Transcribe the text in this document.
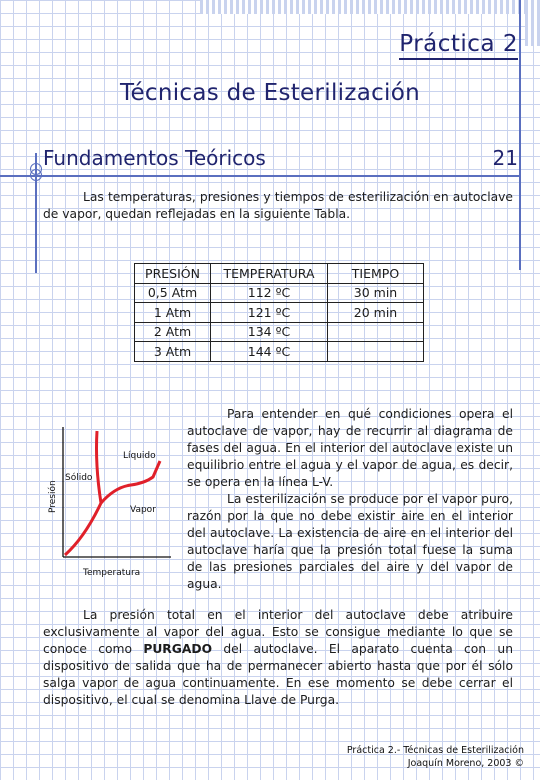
Práctica 2
Técnicas de Esterilización
Fundamentos Teóricos	21

Las temperaturas, presiones y tiempos de esterilización en autoclave de vapor, quedan reflejadas en la siguiente Tabla.

PRESIÓN	TEMPERATURA	TIEMPO
0,5 Atm	112 ºC	30 min
1 Atm	121 ºC	20 min
2 Atm	134 ºC	
3 Atm	144 ºC	
Líquido
Sólido
Vapor
Presión
Temperatura

Para entender en qué condiciones opera el autoclave de vapor, hay de recurrir al diagrama de fases del agua. En el interior del autoclave existe un equilibrio entre el agua y el vapor de agua, es decir, se opera en la línea L-V.
La esterilización se produce por el vapor puro, razón por la que no debe existir aire en el interior del autoclave. La existencia de aire en el interior del autoclave haría que la presión total fuese la suma de las presiones parciales del aire y del vapor de agua.

La presión total en el interior del autoclave debe atribuire exclusivamente al vapor del agua. Esto se consigue mediante lo que se conoce como PURGADO del autoclave. El aparato cuenta con un dispositivo de salida que ha de permanecer abierto hasta que por él sólo salga vapor de agua continuamente. En ese momento se debe cerrar el dispositivo, el cual se denomina Llave de Purga.

Práctica 2.- Técnicas de Esterilización
Joaquín Moreno, 2003 ©
